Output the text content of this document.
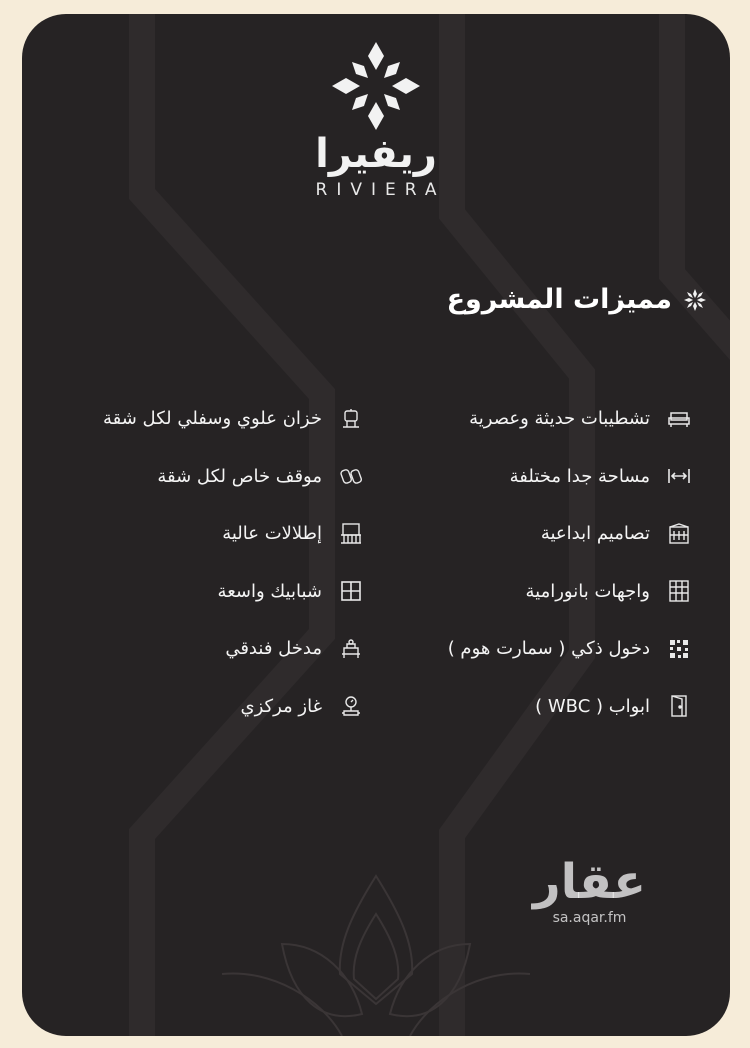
ريفيرا
RIVIERA
مميزات المشروع
تشطيبات حديثة وعصرية
مساحة جدا مختلفة
تصاميم ابداعية
واجهات بانورامية
دخول ذكي ( سمارت هوم )
ابواب ( WBC )
خزان علوي وسفلي لكل شقة
موقف خاص لكل شقة
إطلالات عالية
شبابيك واسعة
مدخل فندقي
غاز مركزي
عقار
sa.aqar.fm
